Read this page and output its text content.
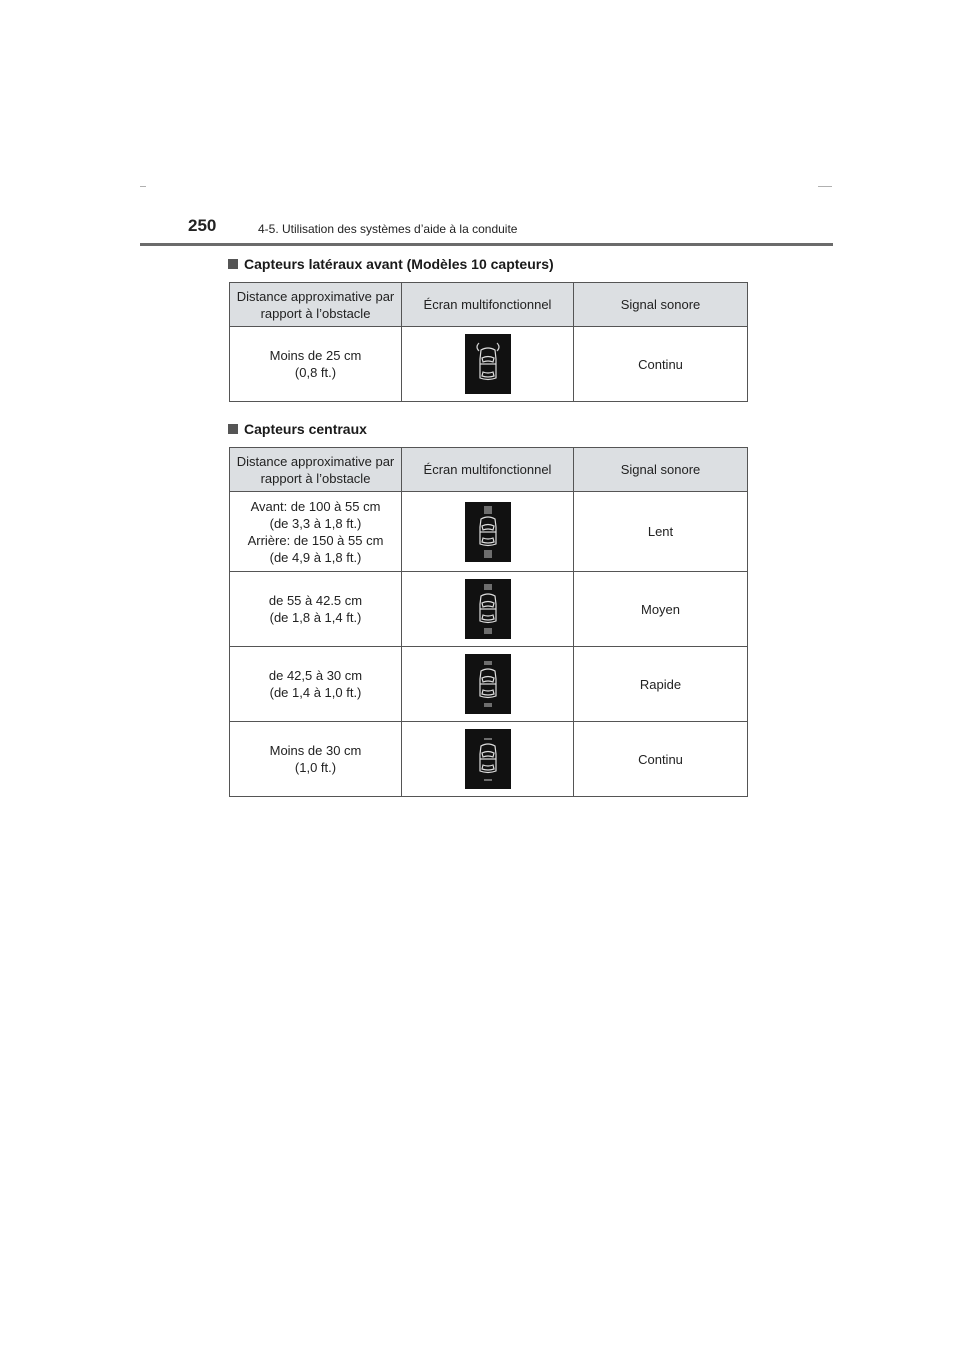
250	4-5. Utilisation des systèmes d’aide à la conduite
Capteurs latéraux avant (Modèles 10 capteurs)
Distance approximative par rapport à l’obstacle	Écran multifonctionnel	Signal sonore

Moins de 25 cm
(0,8 ft.)		Continu
Capteurs centraux
Distance approximative par rapport à l’obstacle	Écran multifonctionnel	Signal sonore

Avant: de 100 à 55 cm
(de 3,3 à 1,8 ft.)
Arrière: de 150 à 55 cm
(de 4,9 à 1,8 ft.)		Lent

de 55 à 42.5 cm
(de 1,8 à 1,4 ft.)		Moyen

de 42,5 à 30 cm
(de 1,4 à 1,0 ft.)		Rapide

Moins de 30 cm
(1,0 ft.)		Continu
